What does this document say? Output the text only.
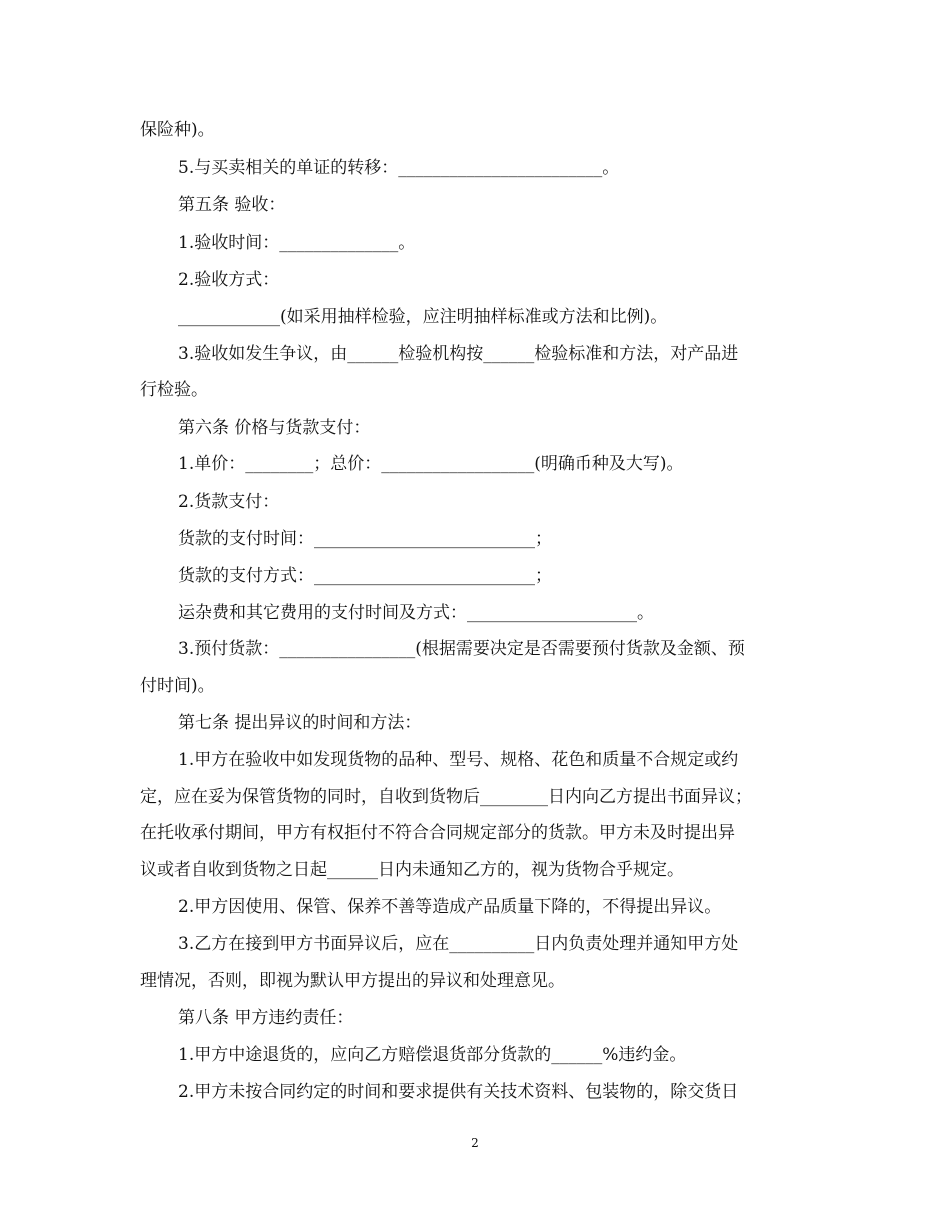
保险种)。
5.与买卖相关的单证的转移：________________________。
第五条 验收：
1.验收时间：______________。
2.验收方式：
____________(如采用抽样检验，应注明抽样标准或方法和比例)。
3.验收如发生争议，由______检验机构按______检验标准和方法，对产品进
行检验。
第六条 价格与货款支付：
1.单价：________；总价：__________________(明确币种及大写)。
2.货款支付：
货款的支付时间：__________________________；
货款的支付方式：__________________________；
运杂费和其它费用的支付时间及方式：____________________。
3.预付货款：________________(根据需要决定是否需要预付货款及金额、预
付时间)。
第七条 提出异议的时间和方法：
1.甲方在验收中如发现货物的品种、型号、规格、花色和质量不合规定或约
定，应在妥为保管货物的同时，自收到货物后________日内向乙方提出书面异议；
在托收承付期间，甲方有权拒付不符合合同规定部分的货款。甲方未及时提出异
议或者自收到货物之日起______日内未通知乙方的，视为货物合乎规定。
2.甲方因使用、保管、保养不善等造成产品质量下降的，不得提出异议。
3.乙方在接到甲方书面异议后，应在__________日内负责处理并通知甲方处
理情况，否则，即视为默认甲方提出的异议和处理意见。
第八条 甲方违约责任：
1.甲方中途退货的，应向乙方赔偿退货部分货款的______%违约金。
2.甲方未按合同约定的时间和要求提供有关技术资料、包装物的，除交货日
2
